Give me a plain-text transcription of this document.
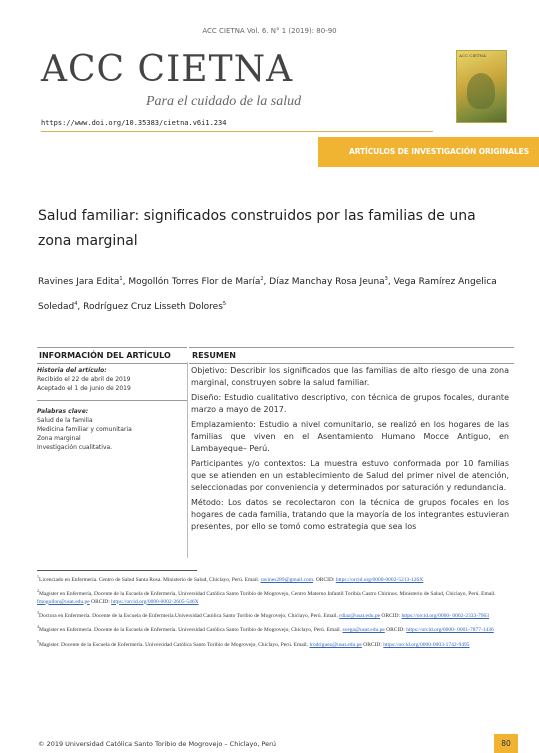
ACC CIETNA Vol. 6. N° 1 (2019): 80-90
ACC CIETNA
Para el cuidado de la salud
ACC CIETNA
https://www.doi.org/10.35383/cietna.v6i1.234
ARTÍCULOS DE INVESTIGACIÓN ORIGINALES
Salud familiar: significados construidos por las familias de una
zona marginal
Ravines Jara Edita$^1$, Mogollón Torres Flor de María$^2$, Díaz Manchay Rosa Jeuna$^3$, Vega Ramírez Angelica Soledad$^4$, Rodríguez Cruz Lisseth Dolores$^5$
INFORMACIÓN DEL ARTÍCULO	RESUMEN
Historia del artículo:
Recibido el 22 de abril de 2019
Aceptado el 1 de junio de 2019
Palabras clave:
Salud de la familia
Medicina familiar y comunitaria
Zona marginal
Investigación cualitativa.

Objetivo: Describir los significados que las familias de alto riesgo de una zona marginal, construyen sobre la salud familiar.

Diseño: Estudio cualitativo descriptivo, con técnica de grupos focales, durante marzo a mayo de 2017.

Emplazamiento: Estudio a nivel comunitario, se realizó en los hogares de las familias que viven en el Asentamiento Humano Mocce Antiguo, en Lambayeque– Perú.

Participantes y/o contextos: La muestra estuvo conformada por 10 familias que se atienden en un establecimiento de Salud del primer nivel de atención, seleccionadas por conveniencia y determinados por saturación y redundancia.

Método: Los datos se recolectaron con la técnica de grupos focales en los hogares de cada familia, tratando que la mayoría de los integrantes estuvieran presentes, por ello se tomó como estrategia que sea los

$^1$Licenciado en Enfermería. Centro de Salud Santa Rosa. Ministerio de Salud, Chiclayo, Perú. Email. ravines289@gmail.com. ORCID: https://orcid.org/0000-0002-5213-126X

$^2$Magister en Enfermería, Docente de la Escuela de Enfermería, Universidad Católica Santo Toribio de Mogrovejo, Centro Materno Infantil Toribia Castro Chirinos. Ministerio de Salud, Chiclayo, Perú. Email. fmogollon@usat.edu.pe ORCID: https://orcid.org/0000-0002-2605-546X

$^3$Doctora en Enfermería. Docente de la Escuela de Enfermería.Universidad Católica Santo Toribio de Mogrovejo, Chiclayo, Perú. Email. rdiaz@usat.edu.pe ORCID: https://orcid.org/0000- 0002-2333-7963

$^4$Magister en Enfermería. Docente de la Escuela de Enfermería. Universidad Católica Santo Toribio de Mogrovejo, Chiclayo, Perú. Email. svega@usat.edu.pe ORCID: https://orcid.org/0000- 0001-7877-1436

$^5$Magister. Docente de la Escuela de Enfermería. Universidad Católica Santo Toribio de Mogrovejo, Chiclayo, Perú. Email. lrodriguez@usat.edu.pe ORCID: https://orcid.org/0000-0003-1742-9495

© 2019 Universidad Católica Santo Toribio de Mogrovejo – Chiclayo, Perú	80
